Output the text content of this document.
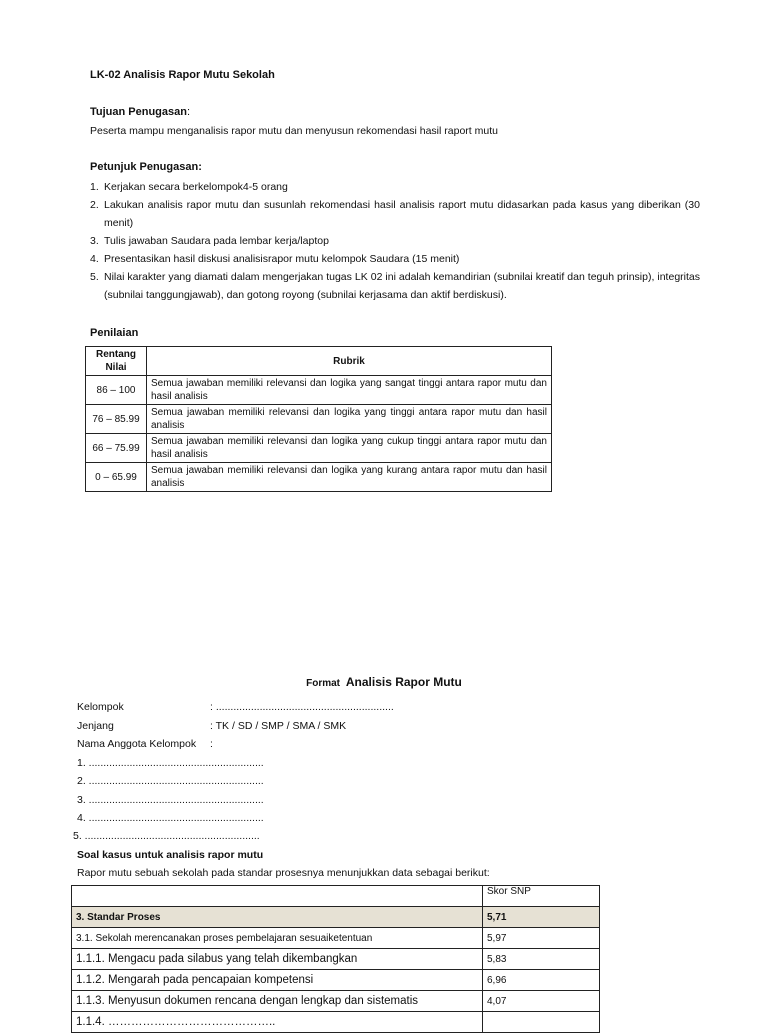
LK-02 Analisis Rapor Mutu Sekolah
Tujuan Penugasan:
Peserta mampu menganalisis rapor mutu dan menyusun rekomendasi hasil raport mutu
Petunjuk Penugasan:
1. Kerjakan secara berkelompok4-5 orang
2. Lakukan analisis rapor mutu dan susunlah rekomendasi hasil analisis raport mutu didasarkan pada kasus yang diberikan (30 menit)
3. Tulis jawaban Saudara pada lembar kerja/laptop
4. Presentasikan hasil diskusi analisisrapor mutu kelompok Saudara (15 menit)
5. Nilai karakter yang diamati dalam mengerjakan tugas LK 02 ini adalah kemandirian (subnilai kreatif dan teguh prinsip), integritas (subnilai tanggungjawab), dan gotong royong (subnilai kerjasama dan aktif berdiskusi).
Penilaian
Rentang Nilai	Rubrik
86 – 100	Semua jawaban memiliki relevansi dan logika yang sangat tinggi antara rapor mutu dan hasil analisis
76 – 85.99	Semua jawaban memiliki relevansi dan logika yang tinggi antara rapor mutu dan hasil analisis
66 – 75.99	Semua jawaban memiliki relevansi dan logika yang cukup tinggi antara rapor mutu dan hasil analisis
0 – 65.99	Semua jawaban memiliki relevansi dan logika yang kurang antara rapor mutu dan hasil analisis
Format Analisis Rapor Mutu
Kelompok	: .............................................................
Jenjang	: TK / SD / SMP / SMA / SMK
Nama Anggota Kelompok :
1. ............................................................
2. ............................................................
3. ............................................................
4. ............................................................
5. ............................................................
Soal kasus untuk analisis rapor mutu
Rapor mutu sebuah sekolah pada standar prosesnya menunjukkan data sebagai berikut:
	Skor SNP
3. Standar Proses	5,71
3.1. Sekolah merencanakan proses pembelajaran sesuaiketentuan	5,97
1.1.1. Mengacu pada silabus yang telah dikembangkan	5,83
1.1.2. Mengarah pada pencapaian kompetensi	6,96
1.1.3. Menyusun dokumen rencana dengan lengkap dan sistematis	4,07
1.1.4. ……………………………………..	
